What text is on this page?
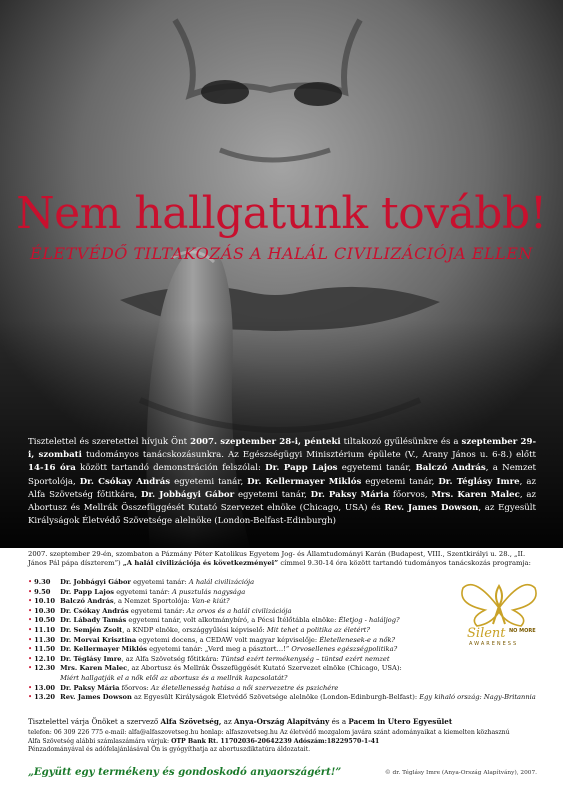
Nem hallgatunk tovább!
ÉLETVÉDŐ TILTAKOZÁS A HALÁL CIVILIZÁCIÓJA ELLEN
Tisztelettel és szeretettel hívjuk Önt 2007. szeptember 28-i, pénteki tiltakozó gyűlésünkre és a szeptember 29-i, szombati tudományos tanácskozásunkra. Az Egészségügyi Minisztérium épülete (V., Arany János u. 6-8.) előtt 14-16 óra között tartandó demonstráción felszólal: Dr. Papp Lajos egyetemi tanár, Balczó András, a Nemzet Sportolója, Dr. Csókay András egyetemi tanár, Dr. Kellermayer Miklós egyetemi tanár, Dr. Téglásy Imre, az Alfa Szövetség főtitkára, Dr. Jobbágyi Gábor egyetemi tanár, Dr. Paksy Mária főorvos, Mrs. Karen Malec, az Abortusz és Mellrák Összefüggését Kutató Szervezet elnöke (Chicago, USA) és Rev. James Dowson, az Egyesült Királyságok Életvédő Szövetsége alelnöke (London-Belfast-Edinburgh)
2007. szeptember 29-én, szombaton a Pázmány Péter Katolikus Egyetem Jog- és Államtudományi Karán (Budapest, VIII., Szentkirályi u. 28., „II. János Pál pápa díszterem”) „A halál civilizációja és következményei” címmel 9.30-14 óra között tartandó tudományos tanácskozás programja:
• 9.30 Dr. Jobbágyi Gábor egyetemi tanár: A halál civilizációja
• 9.50 Dr. Papp Lajos egyetemi tanár: A pusztulás nagysága
• 10.10 Balczó András, a Nemzet Sportolója: Van-e kiút?
• 10.30 Dr. Csókay András egyetemi tanár: Az orvos és a halál civilizációja
• 10.50 Dr. Lábady Tamás egyetemi tanár, volt alkotmánybíró, a Pécsi Ítélőtábla elnöke: Életjog - haláljog?
• 11.10 Dr. Semjén Zsolt, a KNDP elnöke, országgyűlési képviselő: Mit tehet a politika az életért?
• 11.30 Dr. Morvai Krisztina egyetemi docens, a CEDAW volt magyar képviselője: Életellenesek-e a nők?
• 11.50 Dr. Kellermayer Miklós egyetemi tanár: „Verd meg a pásztort…!” Orvosellenes egészségpolitika?
• 12.10 Dr. Téglásy Imre, az Alfa Szövetség főtitkára: Tüntsd ezért termékenység – tüntsd ezért nemzet
• 12.30 Mrs. Karen Malec, az Abortusz és Mellrák Összefüggését Kutató Szervezet elnöke (Chicago, USA):
Miért hallgatják el a nők elől az abortusz és a mellrák kapcsolatát?
• 13.00 Dr. Paksy Mária főorvos: Az életellenesség hatása a női szervezetre és pszichére
• 13.20 Rev. James Dowson az Egyesült Királyságok Életvédő Szövetsége alelnöke (London-Edinburgh-Belfast): Egy kihaló ország: Nagy-Britannia
Silent NO MORE
AWARENESS
Tisztelettel várja Önöket a szervező Alfa Szövetség, az Anya-Ország Alapítvány és a Pacem in Utero Egyesület
telefon: 06 309 226 775 e-mail: alfa@alfaszovetseg.hu honlap: alfaszovetseg.hu Az életvédő mozgalom javára szánt adományaikat a kiemelten közhasznú
Alfa Szövetség alábbi számlaszámára várjuk: OTP Bank Rt. 11702036-20642239 Adószám:18229570-1-41
Pénzadományával és adófelajánlásával Ön is gyógyíthatja az abortuszdiktatúra áldozatait.
„Együtt egy termékeny és gondoskodó anyaországért!”	© dr. Téglásy Imre (Anya-Ország Alapítvány), 2007.
